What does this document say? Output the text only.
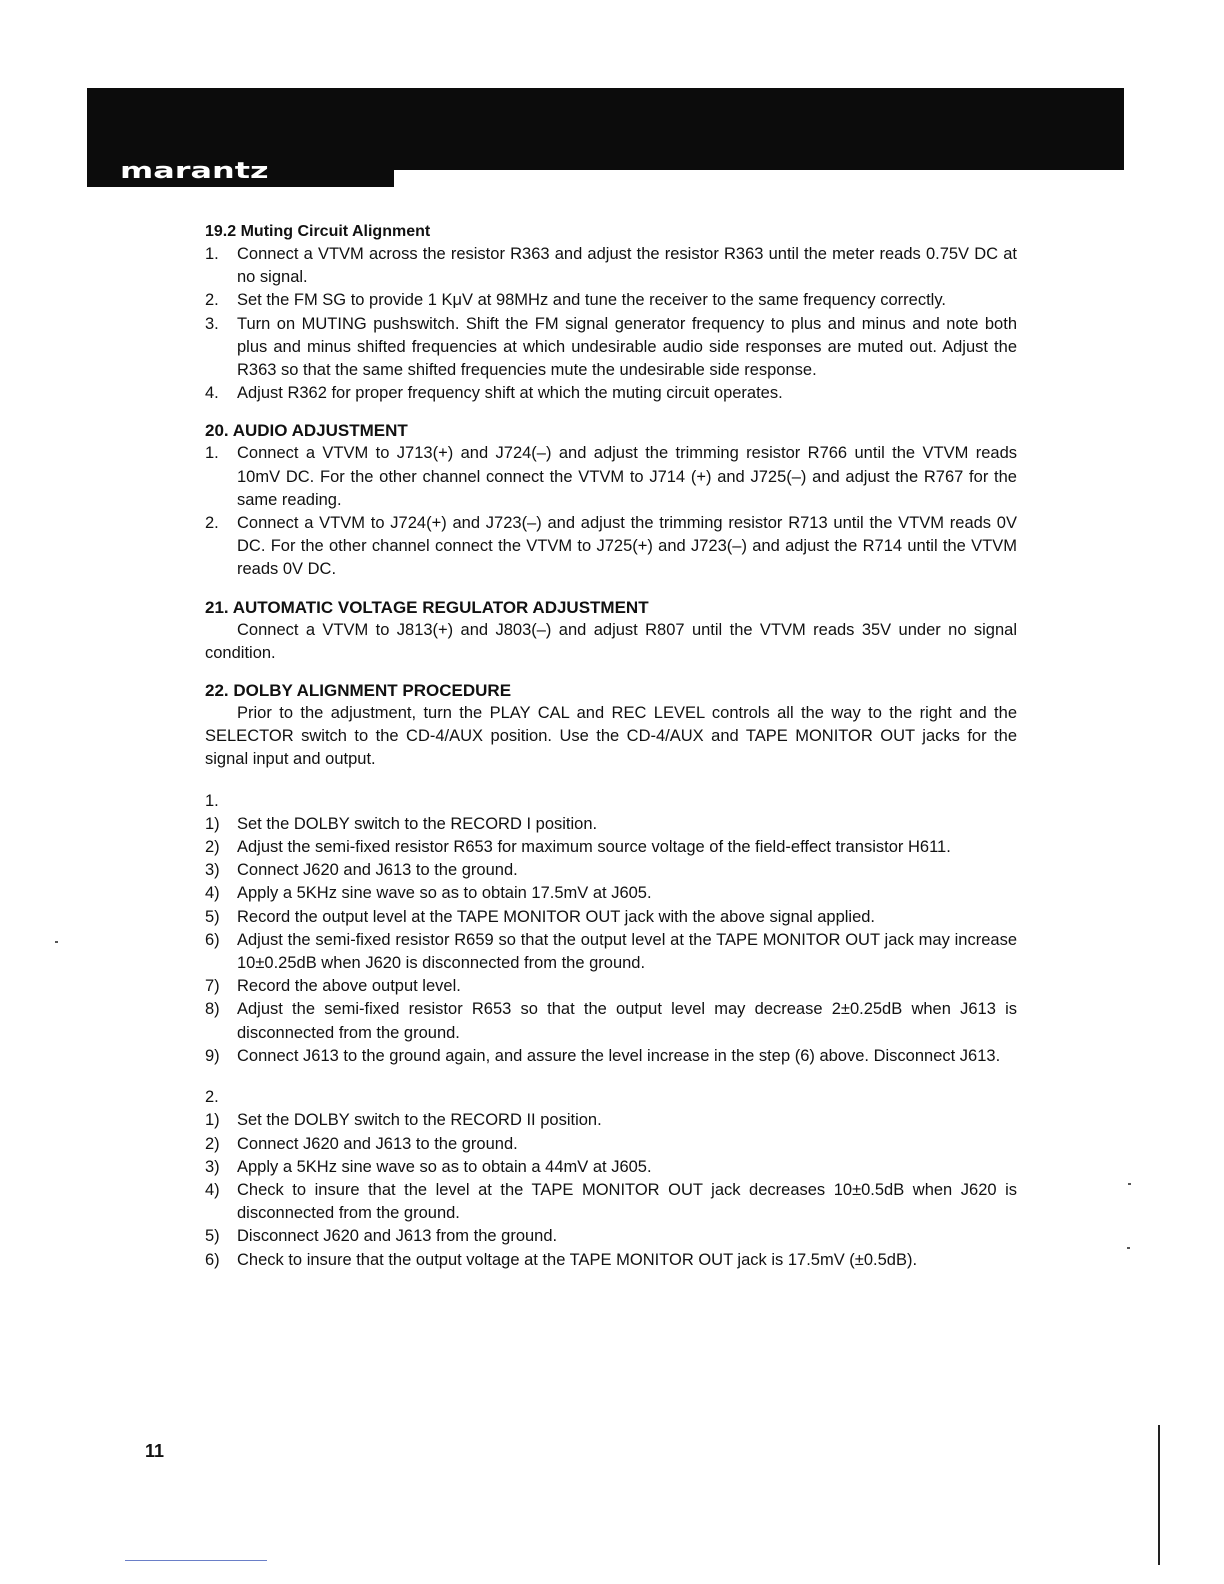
marantz
19.2 Muting Circuit Alignment
1. Connect a VTVM across the resistor R363 and adjust the resistor R363 until the meter reads 0.75V DC at no signal.
2. Set the FM SG to provide 1 KμV at 98MHz and tune the receiver to the same frequency correctly.
3. Turn on MUTING pushswitch. Shift the FM signal generator frequency to plus and minus and note both plus and minus shifted frequencies at which undesirable audio side responses are muted out. Adjust the R363 so that the same shifted frequencies mute the undesirable side response.
4. Adjust R362 for proper frequency shift at which the muting circuit operates.
20. AUDIO ADJUSTMENT
1. Connect a VTVM to J713(+) and J724(–) and adjust the trimming resistor R766 until the VTVM reads 10mV DC. For the other channel connect the VTVM to J714 (+) and J725(–) and adjust the R767 for the same reading.
2. Connect a VTVM to J724(+) and J723(–) and adjust the trimming resistor R713 until the VTVM reads 0V DC. For the other channel connect the VTVM to J725(+) and J723(–) and adjust the R714 until the VTVM reads 0V DC.
21. AUTOMATIC VOLTAGE REGULATOR ADJUSTMENT

Connect a VTVM to J813(+) and J803(–) and adjust R807 until the VTVM reads 35V under no signal condition.

22. DOLBY ALIGNMENT PROCEDURE

Prior to the adjustment, turn the PLAY CAL and REC LEVEL controls all the way to the right and the SELECTOR switch to the CD-4/AUX position. Use the CD-4/AUX and TAPE MONITOR OUT jacks for the signal input and output.

1.

1) Set the DOLBY switch to the RECORD I position.
2) Adjust the semi-fixed resistor R653 for maximum source voltage of the field-effect transistor H611.
3) Connect J620 and J613 to the ground.
4) Apply a 5KHz sine wave so as to obtain 17.5mV at J605.
5) Record the output level at the TAPE MONITOR OUT jack with the above signal applied.
6) Adjust the semi-fixed resistor R659 so that the output level at the TAPE MONITOR OUT jack may increase 10±0.25dB when J620 is disconnected from the ground.
7) Record the above output level.
8) Adjust the semi-fixed resistor R653 so that the output level may decrease 2±0.25dB when J613 is disconnected from the ground.
9) Connect J613 to the ground again, and assure the level increase in the step (6) above. Disconnect J613.

2.

1) Set the DOLBY switch to the RECORD II position.
2) Connect J620 and J613 to the ground.
3) Apply a 5KHz sine wave so as to obtain a 44mV at J605.
4) Check to insure that the level at the TAPE MONITOR OUT jack decreases 10±0.5dB when J620 is disconnected from the ground.
5) Disconnect J620 and J613 from the ground.
6) Check to insure that the output voltage at the TAPE MONITOR OUT jack is 17.5mV (±0.5dB).
11
